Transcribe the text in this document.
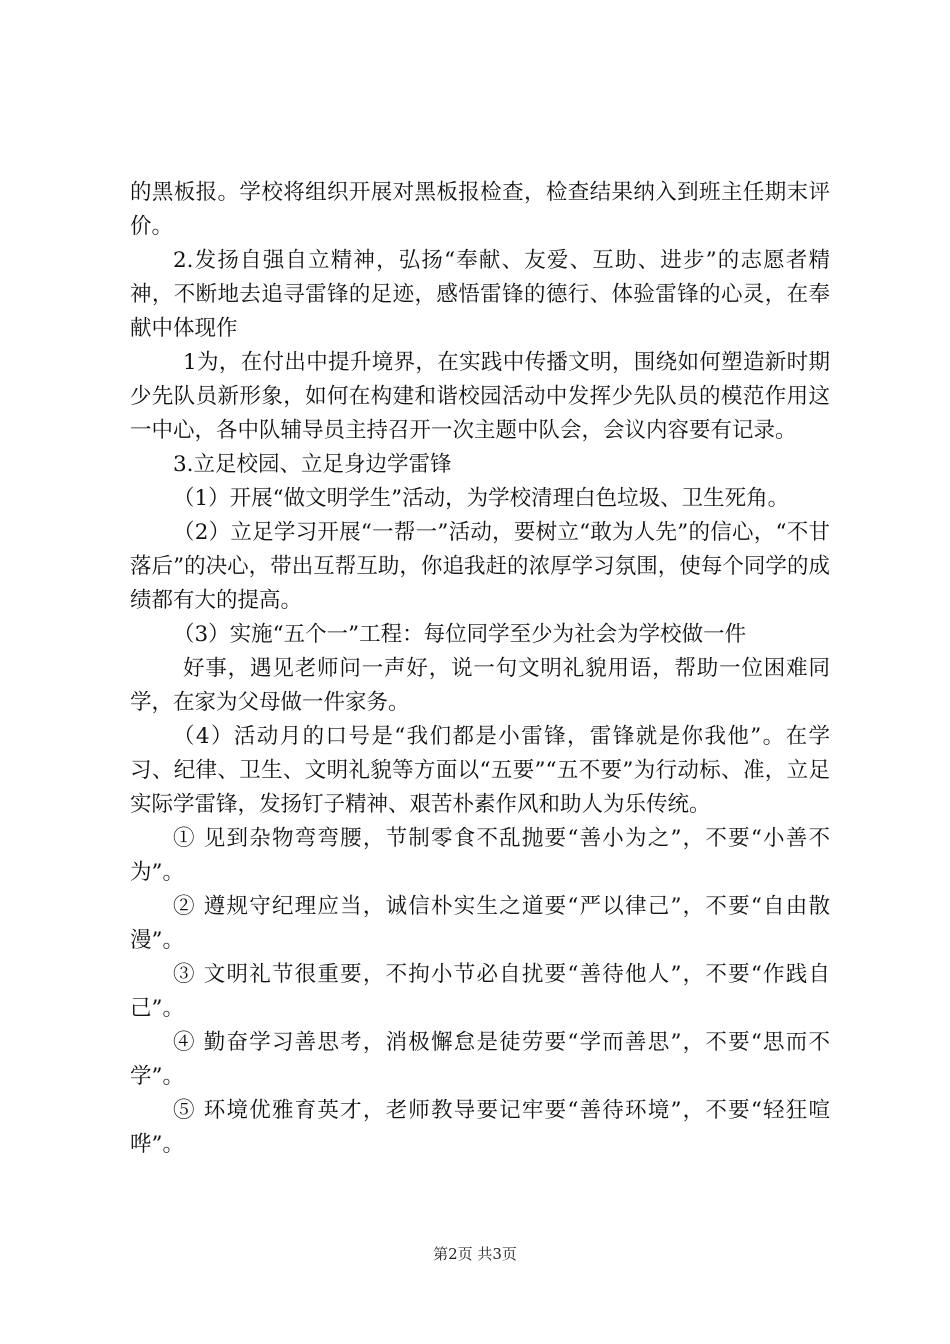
的黑板报。学校将组织开展对黑板报检查，检查结果纳入到班主任期末评价。

2.发扬自强自立精神，弘扬“奉献、友爱、互助、进步”的志愿者精神，不断地去追寻雷锋的足迹，感悟雷锋的德行、体验雷锋的心灵，在奉献中体现作

1为，在付出中提升境界，在实践中传播文明，围绕如何塑造新时期少先队员新形象，如何在构建和谐校园活动中发挥少先队员的模范作用这一中心，各中队辅导员主持召开一次主题中队会，会议内容要有记录。

3.立足校园、立足身边学雷锋

（1）开展“做文明学生”活动，为学校清理白色垃圾、卫生死角。

（2）立足学习开展“一帮一”活动，要树立“敢为人先”的信心，“不甘落后”的决心，带出互帮互助，你追我赶的浓厚学习氛围，使每个同学的成绩都有大的提高。

（3）实施“五个一”工程：每位同学至少为社会为学校做一件

好事，遇见老师问一声好，说一句文明礼貌用语，帮助一位困难同学，在家为父母做一件家务。

（4）活动月的口号是“我们都是小雷锋，雷锋就是你我他”。在学习、纪律、卫生、文明礼貌等方面以“五要”“五不要”为行动标、准，立足实际学雷锋，发扬钉子精神、艰苦朴素作风和助人为乐传统。

① 见到杂物弯弯腰，节制零食不乱抛要“善小为之”，不要“小善不为”。

② 遵规守纪理应当，诚信朴实生之道要“严以律己”，不要“自由散漫”。

③ 文明礼节很重要，不拘小节必自扰要“善待他人”，不要“作践自己”。

④ 勤奋学习善思考，消极懈怠是徒劳要“学而善思”，不要“思而不学”。

⑤ 环境优雅育英才，老师教导要记牢要“善待环境”，不要“轻狂喧哗”。

第2页 共3页
